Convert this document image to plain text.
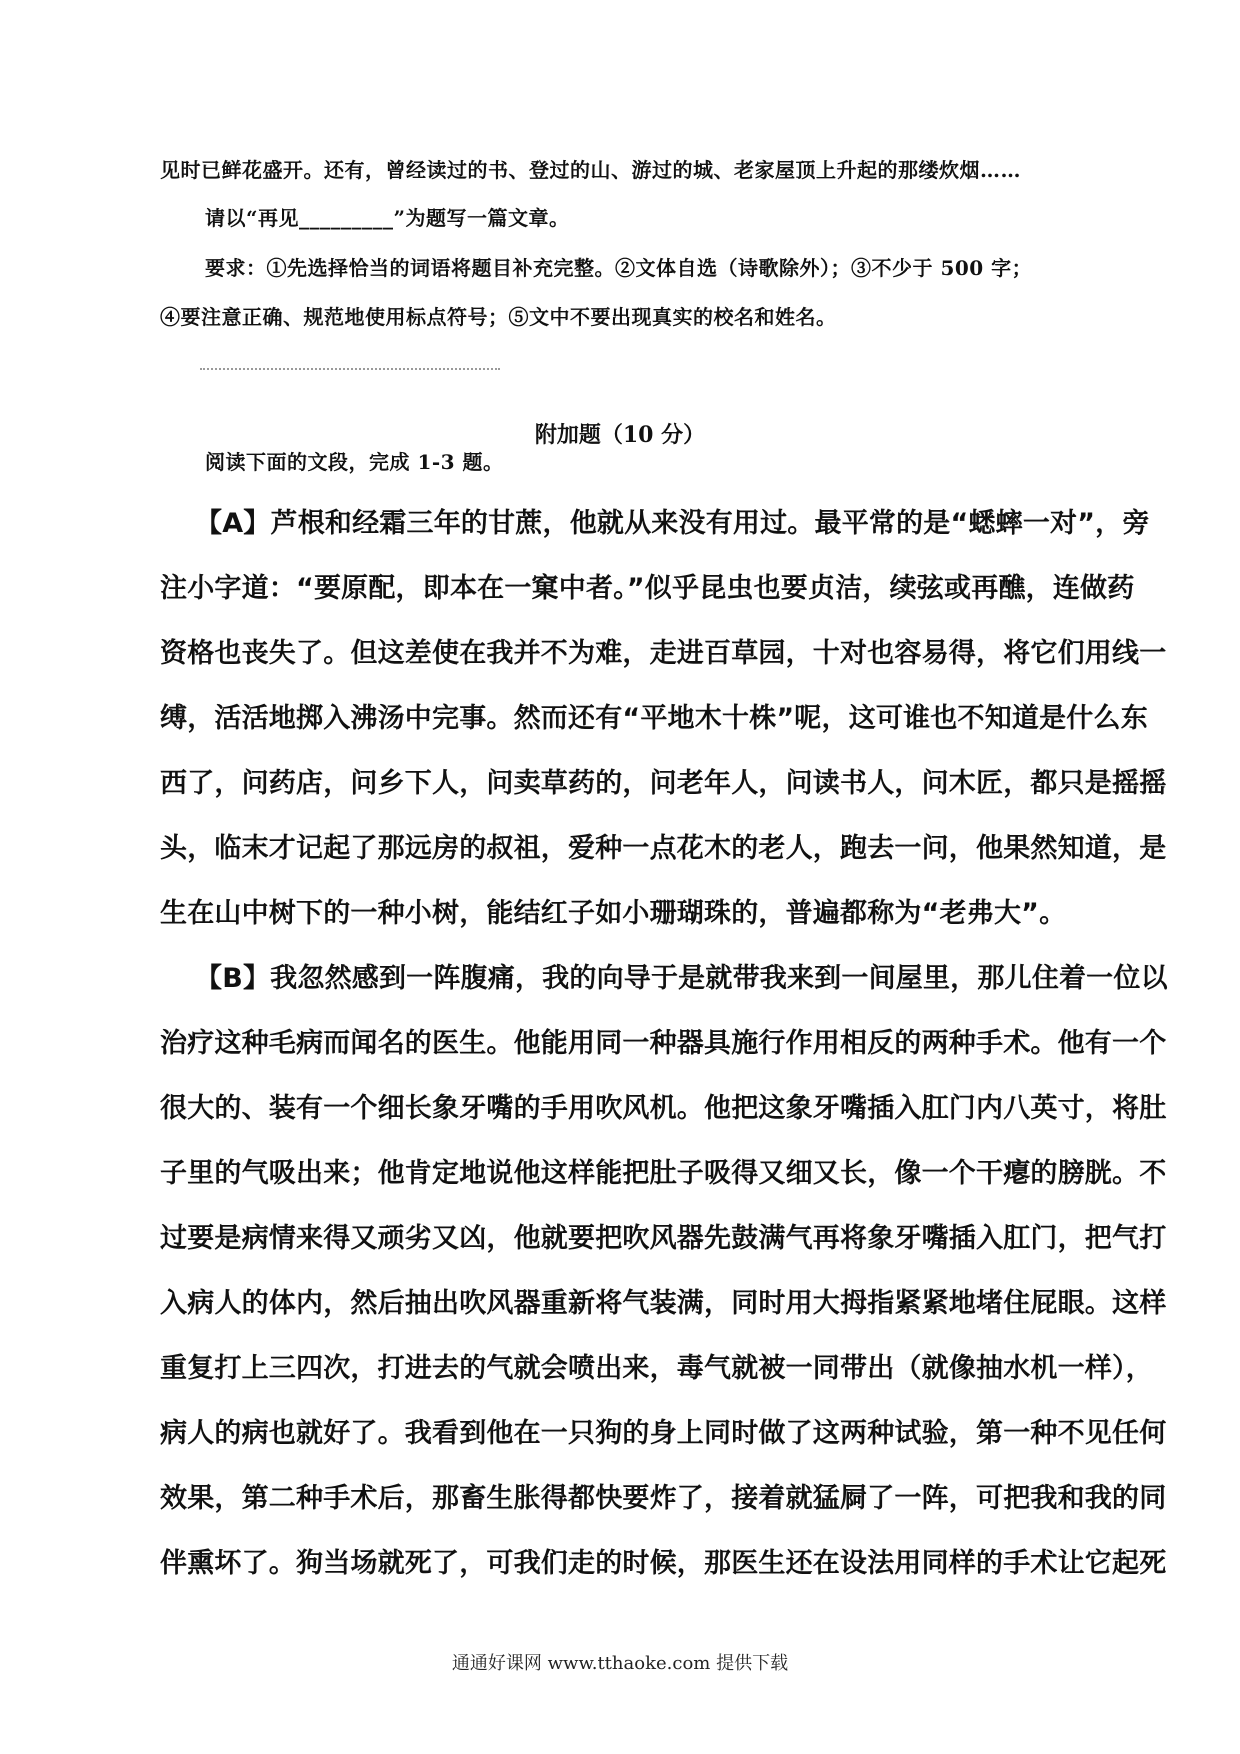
见时已鲜花盛开。还有，曾经读过的书、登过的山、游过的城、老家屋顶上升起的那缕炊烟……

请以“再见_________”为题写一篇文章。

要求：①先选择恰当的词语将题目补充完整。②文体自选（诗歌除外）；③不少于 500 字；

④要注意正确、规范地使用标点符号；⑤文中不要出现真实的校名和姓名。

附加题（10 分）

阅读下面的文段，完成 1-3 题。

【A】芦根和经霜三年的甘蔗，他就从来没有用过。最平常的是“蟋蟀一对”，旁

注小字道：“要原配，即本在一窠中者。”似乎昆虫也要贞洁，续弦或再醮，连做药

资格也丧失了。但这差使在我并不为难，走进百草园，十对也容易得，将它们用线一

缚，活活地掷入沸汤中完事。然而还有“平地木十株”呢，这可谁也不知道是什么东

西了，问药店，问乡下人，问卖草药的，问老年人，问读书人，问木匠，都只是摇摇

头，临末才记起了那远房的叔祖，爱种一点花木的老人，跑去一问，他果然知道，是

生在山中树下的一种小树，能结红子如小珊瑚珠的，普遍都称为“老弗大”。

【B】我忽然感到一阵腹痛，我的向导于是就带我来到一间屋里，那儿住着一位以

治疗这种毛病而闻名的医生。他能用同一种器具施行作用相反的两种手术。他有一个

很大的、装有一个细长象牙嘴的手用吹风机。他把这象牙嘴插入肛门内八英寸，将肚

子里的气吸出来；他肯定地说他这样能把肚子吸得又细又长，像一个干瘪的膀胱。不

过要是病情来得又顽劣又凶，他就要把吹风器先鼓满气再将象牙嘴插入肛门，把气打

入病人的体内，然后抽出吹风器重新将气装满，同时用大拇指紧紧地堵住屁眼。这样

重复打上三四次，打进去的气就会喷出来，毒气就被一同带出（就像抽水机一样），

病人的病也就好了。我看到他在一只狗的身上同时做了这两种试验，第一种不见任何

效果，第二种手术后，那畜生胀得都快要炸了，接着就猛屙了一阵，可把我和我的同

伴熏坏了。狗当场就死了，可我们走的时候，那医生还在设法用同样的手术让它起死

通通好课网 www.tthaoke.com 提供下载
